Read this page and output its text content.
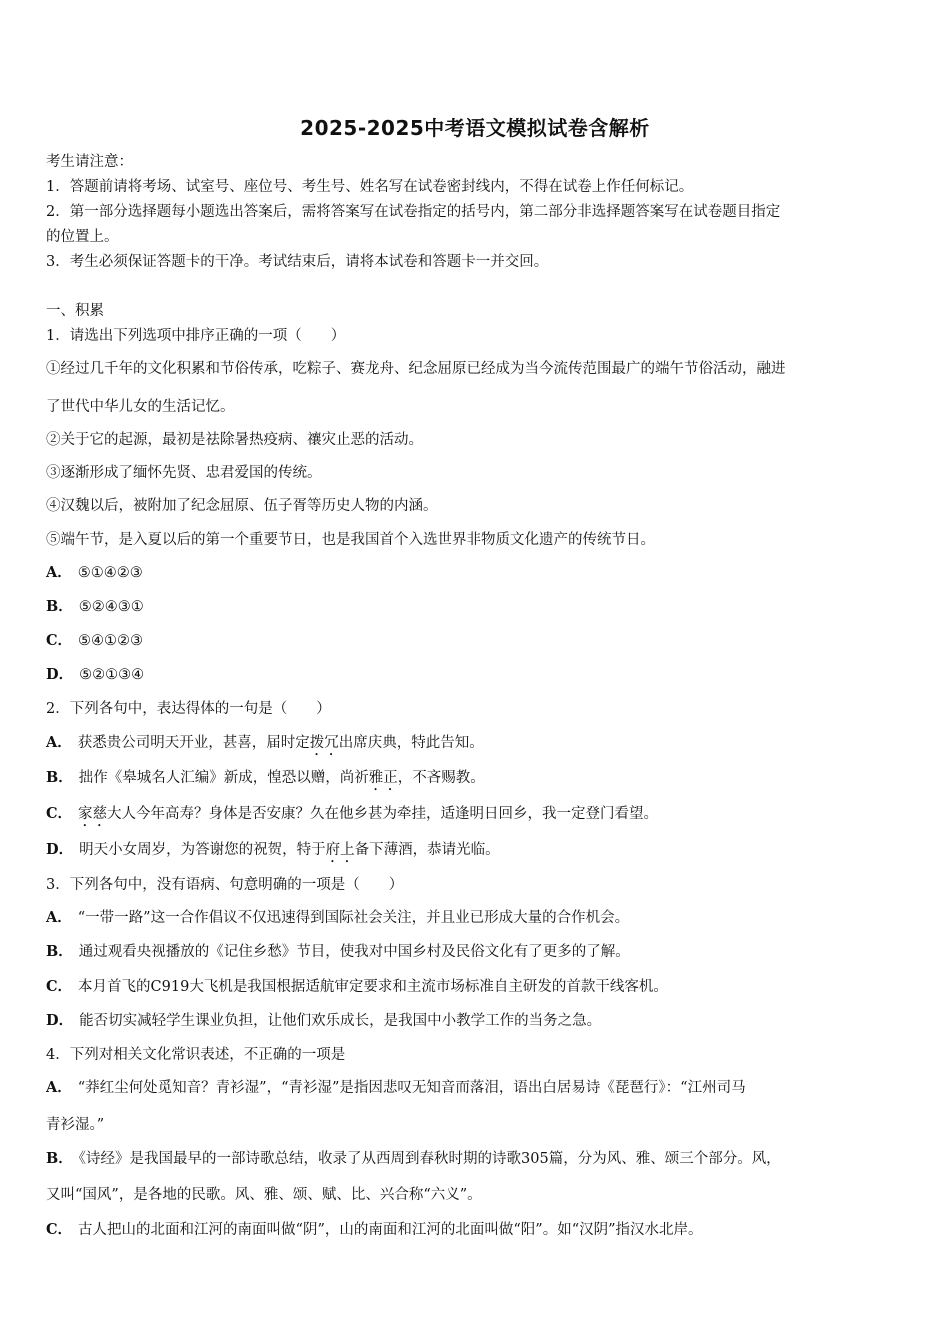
2025-2025中考语文模拟试卷含解析
考生请注意：
1．答题前请将考场、试室号、座位号、考生号、姓名写在试卷密封线内，不得在试卷上作任何标记。
2．第一部分选择题每小题选出答案后，需将答案写在试卷指定的括号内，第二部分非选择题答案写在试卷题目指定
的位置上。
3．考生必须保证答题卡的干净。考试结束后，请将本试卷和答题卡一并交回。
一、积累
1．请选出下列选项中排序正确的一项（　　）
①经过几千年的文化积累和节俗传承，吃粽子、赛龙舟、纪念屈原已经成为当今流传范围最广的端午节俗活动，融进
了世代中华儿女的生活记忆。
②关于它的起源，最初是祛除暑热疫病、禳灾止恶的活动。
③逐渐形成了缅怀先贤、忠君爱国的传统。
④汉魏以后，被附加了纪念屈原、伍子胥等历史人物的内涵。
⑤端午节，是入夏以后的第一个重要节日，也是我国首个入选世界非物质文化遗产的传统节日。
A． ⑤①④②③
B． ⑤②④③①
C． ⑤④①②③
D． ⑤②①③④
2．下列各句中，表达得体的一句是（　　）
A． 获悉贵公司明天开业，甚喜，届时定拨冗出席庆典，特此告知。
B． 拙作《皋城名人汇编》新成，惶恐以赠，尚祈雅正，不吝赐教。
C． 家慈大人今年高寿？身体是否安康？久在他乡甚为牵挂，适逢明日回乡，我一定登门看望。
D． 明天小女周岁，为答谢您的祝贺，特于府上备下薄酒，恭请光临。
3．下列各句中，没有语病、句意明确的一项是（　　）
A． “一带一路”这一合作倡议不仅迅速得到国际社会关注，并且业已形成大量的合作机会。
B． 通过观看央视播放的《记住乡愁》节目，使我对中国乡村及民俗文化有了更多的了解。
C． 本月首飞的C919大飞机是我国根据适航审定要求和主流市场标准自主研发的首款干线客机。
D． 能否切实减轻学生课业负担，让他们欢乐成长，是我国中小教学工作的当务之急。
4．下列对相关文化常识表述，不正确的一项是
A． “莽红尘何处觅知音？青衫湿”，“青衫湿”是指因悲叹无知音而落泪，语出白居易诗《琵琶行》：“江州司马
青衫湿。”
B． 《诗经》是我国最早的一部诗歌总结，收录了从西周到春秋时期的诗歌305篇，分为风、雅、颂三个部分。风，
又叫“国风”，是各地的民歌。风、雅、颂、赋、比、兴合称“六义”。
C． 古人把山的北面和江河的南面叫做“阴”，山的南面和江河的北面叫做“阳”。如“汉阴”指汉水北岸。
